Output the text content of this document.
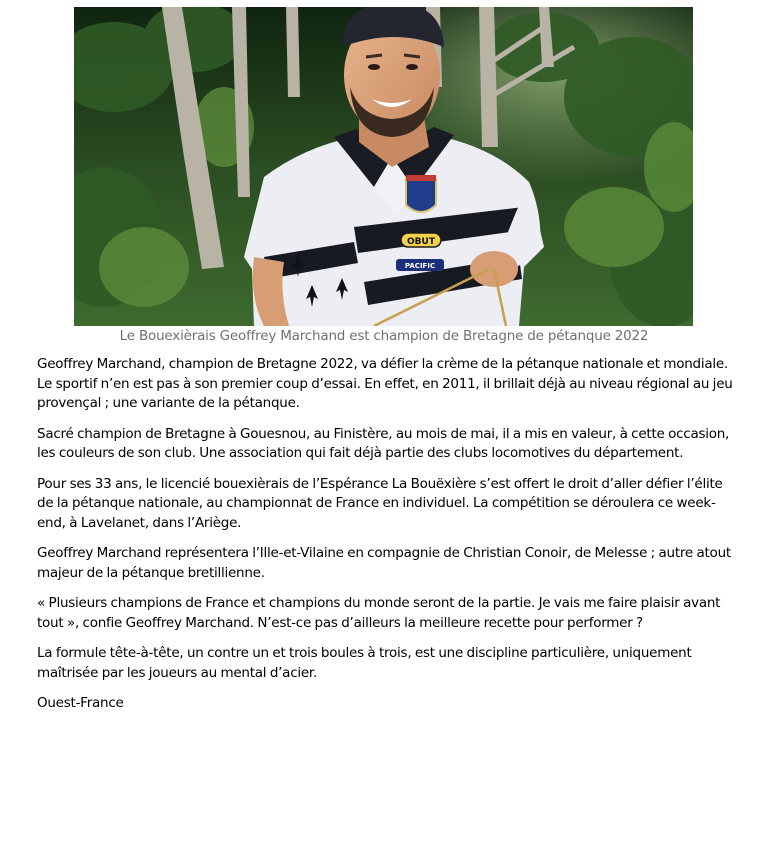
OBUT
PACIFIC
Le Bouexièrais Geoffrey Marchand est champion de Bretagne de pétanque 2022

Geoffrey Marchand, champion de Bretagne 2022, va défier la crème de la pétanque nationale et mondiale. Le sportif n’en est pas à son premier coup d’essai. En effet, en 2011, il brillait déjà au niveau régional au jeu provençal ; une variante de la pétanque.

Sacré champion de Bretagne à Gouesnou, au Finistère, au mois de mai, il a mis en valeur, à cette occasion, les couleurs de son club. Une association qui fait déjà partie des clubs locomotives du département.

Pour ses 33 ans, le licencié bouexièrais de l’Espérance La Bouëxière s’est offert le droit d’aller défier l’élite de la pétanque nationale, au championnat de France en individuel. La compétition se déroulera ce week-end, à Lavelanet, dans l’Ariège.

Geoffrey Marchand représentera l’Ille-et-Vilaine en compagnie de Christian Conoir, de Melesse ; autre atout majeur de la pétanque bretillienne.

« Plusieurs champions de France et champions du monde seront de la partie. Je vais me faire plaisir avant tout », confie Geoffrey Marchand. N’est-ce pas d’ailleurs la meilleure recette pour performer ?

La formule tête-à-tête, un contre un et trois boules à trois, est une discipline particulière, uniquement maîtrisée par les joueurs au mental d’acier.

Ouest-France
